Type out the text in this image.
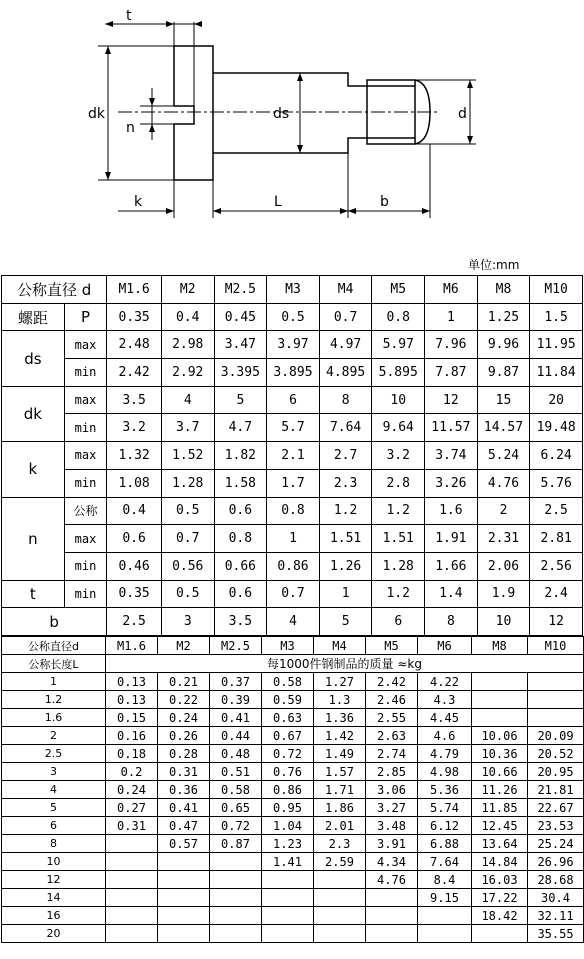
t
dk
n
ds	d
k	L	b
单位:mm
公称直径 d		M1.6	M2	M2.5	M3	M4	M5	M6	M8	M10
螺距	P	0.35	0.4	0.45	0.5	0.7	0.8	1	1.25	1.5
ds	max	2.48	2.98	3.47	3.97	4.97	5.97	7.96	9.96	11.95
	min	2.42	2.92	3.395	3.895	4.895	5.895	7.87	9.87	11.84
dk	max	3.5	4	5	6	8	10	12	15	20
	min	3.2	3.7	4.7	5.7	7.64	9.64	11.57	14.57	19.48
k	max	1.32	1.52	1.82	2.1	2.7	3.2	3.74	5.24	6.24
	min	1.08	1.28	1.58	1.7	2.3	2.8	3.26	4.76	5.76
n	公称	0.4	0.5	0.6	0.8	1.2	1.2	1.6	2	2.5
	max	0.6	0.7	0.8	1	1.51	1.51	1.91	2.31	2.81
	min	0.46	0.56	0.66	0.86	1.26	1.28	1.66	2.06	2.56
t	min	0.35	0.5	0.6	0.7	1	1.2	1.4	1.9	2.4
b		2.5	3	3.5	4	5	6	8	10	12
公称直径d	M1.6	M2	M2.5	M3	M4	M5	M6	M8	M10
公称长度L	每1000件钢制品的质量 ≈kg								
1	0.13	0.21	0.37	0.58	1.27	2.42	4.22		
1.2	0.13	0.22	0.39	0.59	1.3	2.46	4.3		
1.6	0.15	0.24	0.41	0.63	1.36	2.55	4.45		
2	0.16	0.26	0.44	0.67	1.42	2.63	4.6	10.06	20.09
2.5	0.18	0.28	0.48	0.72	1.49	2.74	4.79	10.36	20.52
3	0.2	0.31	0.51	0.76	1.57	2.85	4.98	10.66	20.95
4	0.24	0.36	0.58	0.86	1.71	3.06	5.36	11.26	21.81
5	0.27	0.41	0.65	0.95	1.86	3.27	5.74	11.85	22.67
6	0.31	0.47	0.72	1.04	2.01	3.48	6.12	12.45	23.53
8		0.57	0.87	1.23	2.3	3.91	6.88	13.64	25.24
10				1.41	2.59	4.34	7.64	14.84	26.96
12						4.76	8.4	16.03	28.68
14							9.15	17.22	30.4
16								18.42	32.11
20									35.55
